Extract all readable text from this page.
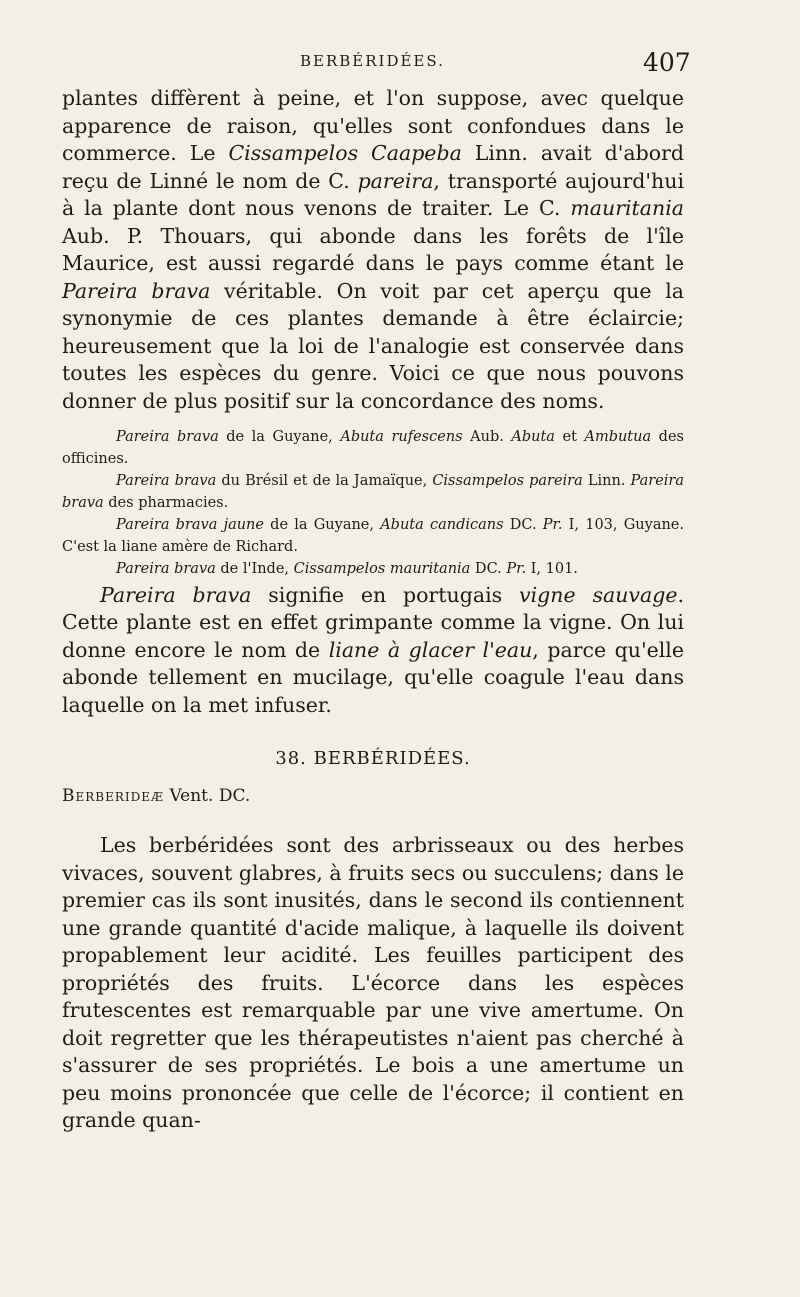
BERBÉRIDÉES.	407

plantes diffèrent à peine, et l'on suppose, avec quelque apparence de raison, qu'elles sont confondues dans le commerce. Le Cissampelos Caapeba Linn. avait d'abord reçu de Linné le nom de C. pareira, transporté aujourd'hui à la plante dont nous venons de traiter. Le C. mauritania Aub. P. Thouars, qui abonde dans les forêts de l'île Maurice, est aussi regardé dans le pays comme étant le Pareira brava véritable. On voit par cet aperçu que la synonymie de ces plantes demande à être éclaircie; heureusement que la loi de l'analogie est conservée dans toutes les espèces du genre. Voici ce que nous pouvons donner de plus positif sur la concordance des noms.

Pareira brava de la Guyane, Abuta rufescens Aub. Abuta et Ambutua des officines.

Pareira brava du Brésil et de la Jamaïque, Cissampelos pareira Linn. Pareira brava des pharmacies.

Pareira brava jaune de la Guyane, Abuta candicans DC. Pr. I, 103, Guyane. C'est la liane amère de Richard.

Pareira brava de l'Inde, Cissampelos mauritania DC. Pr. I, 101.

Pareira brava signifie en portugais vigne sauvage. Cette plante est en effet grimpante comme la vigne. On lui donne encore le nom de liane à glacer l'eau, parce qu'elle abonde tellement en mucilage, qu'elle coagule l'eau dans laquelle on la met infuser.

38. BERBÉRIDÉES.
Berberideæ Vent. DC.

Les berbéridées sont des arbrisseaux ou des herbes vivaces, souvent glabres, à fruits secs ou succulens; dans le premier cas ils sont inusités, dans le second ils contiennent une grande quantité d'acide malique, à laquelle ils doivent propablement leur acidité. Les feuilles participent des propriétés des fruits. L'écorce dans les espèces frutescentes est remarquable par une vive amertume. On doit regretter que les thérapeutistes n'aient pas cherché à s'assurer de ses propriétés. Le bois a une amertume un peu moins prononcée que celle de l'écorce; il contient en grande quan-
